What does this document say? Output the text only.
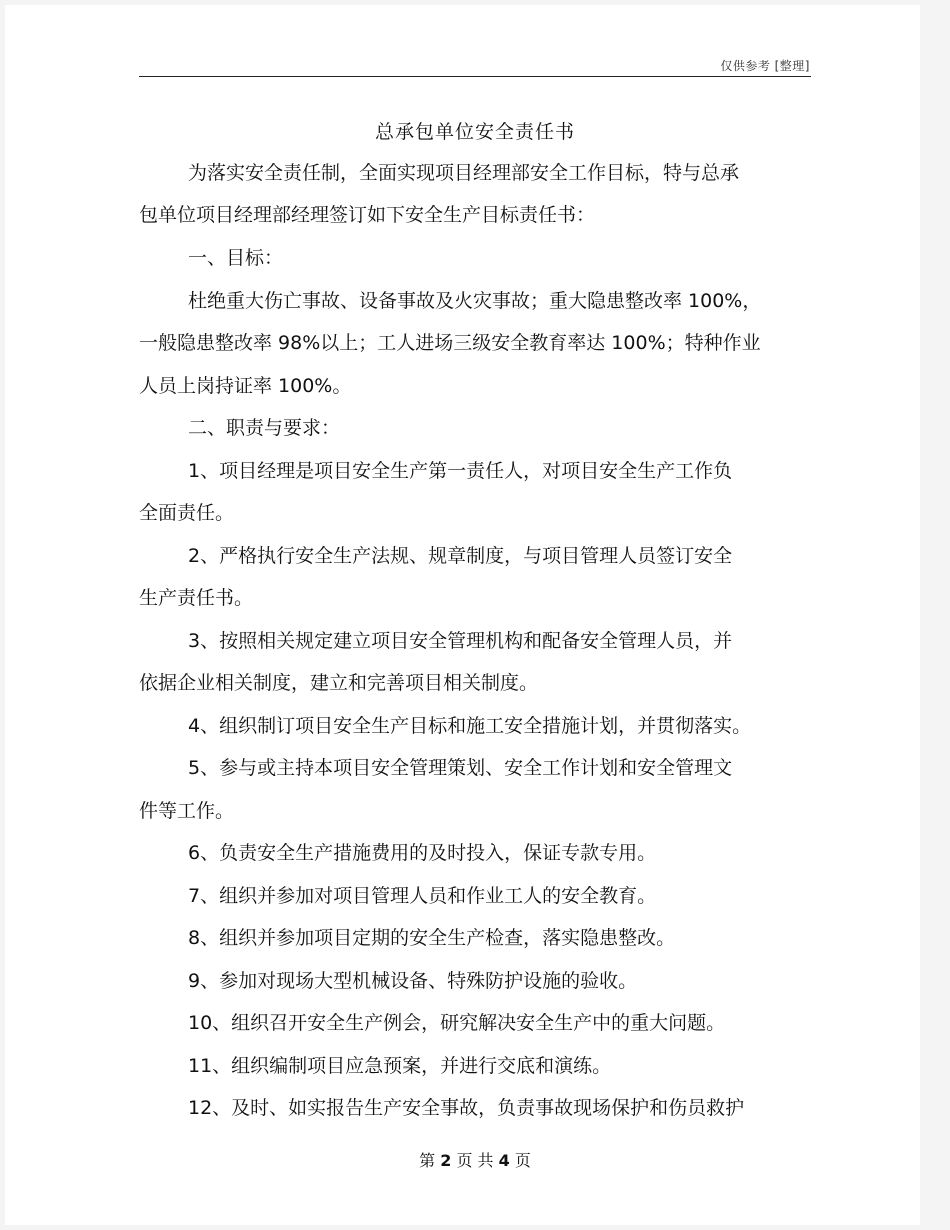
仅供参考 [整理]
总承包单位安全责任书
为落实安全责任制，全面实现项目经理部安全工作目标，特与总承
包单位项目经理部经理签订如下安全生产目标责任书：
一、目标：
杜绝重大伤亡事故、设备事故及火灾事故；重大隐患整改率 100%，
一般隐患整改率 98%以上；工人进场三级安全教育率达 100%；特种作业
人员上岗持证率 100%。
二、职责与要求：
1、项目经理是项目安全生产第一责任人，对项目安全生产工作负
全面责任。
2、严格执行安全生产法规、规章制度，与项目管理人员签订安全
生产责任书。
3、按照相关规定建立项目安全管理机构和配备安全管理人员，并
依据企业相关制度，建立和完善项目相关制度。
4、组织制订项目安全生产目标和施工安全措施计划，并贯彻落实。
5、参与或主持本项目安全管理策划、安全工作计划和安全管理文
件等工作。
6、负责安全生产措施费用的及时投入，保证专款专用。
7、组织并参加对项目管理人员和作业工人的安全教育。
8、组织并参加项目定期的安全生产检查，落实隐患整改。
9、参加对现场大型机械设备、特殊防护设施的验收。
10、组织召开安全生产例会，研究解决安全生产中的重大问题。
11、组织编制项目应急预案，并进行交底和演练。
12、及时、如实报告生产安全事故，负责事故现场保护和伤员救护
第 2 页 共 4 页
